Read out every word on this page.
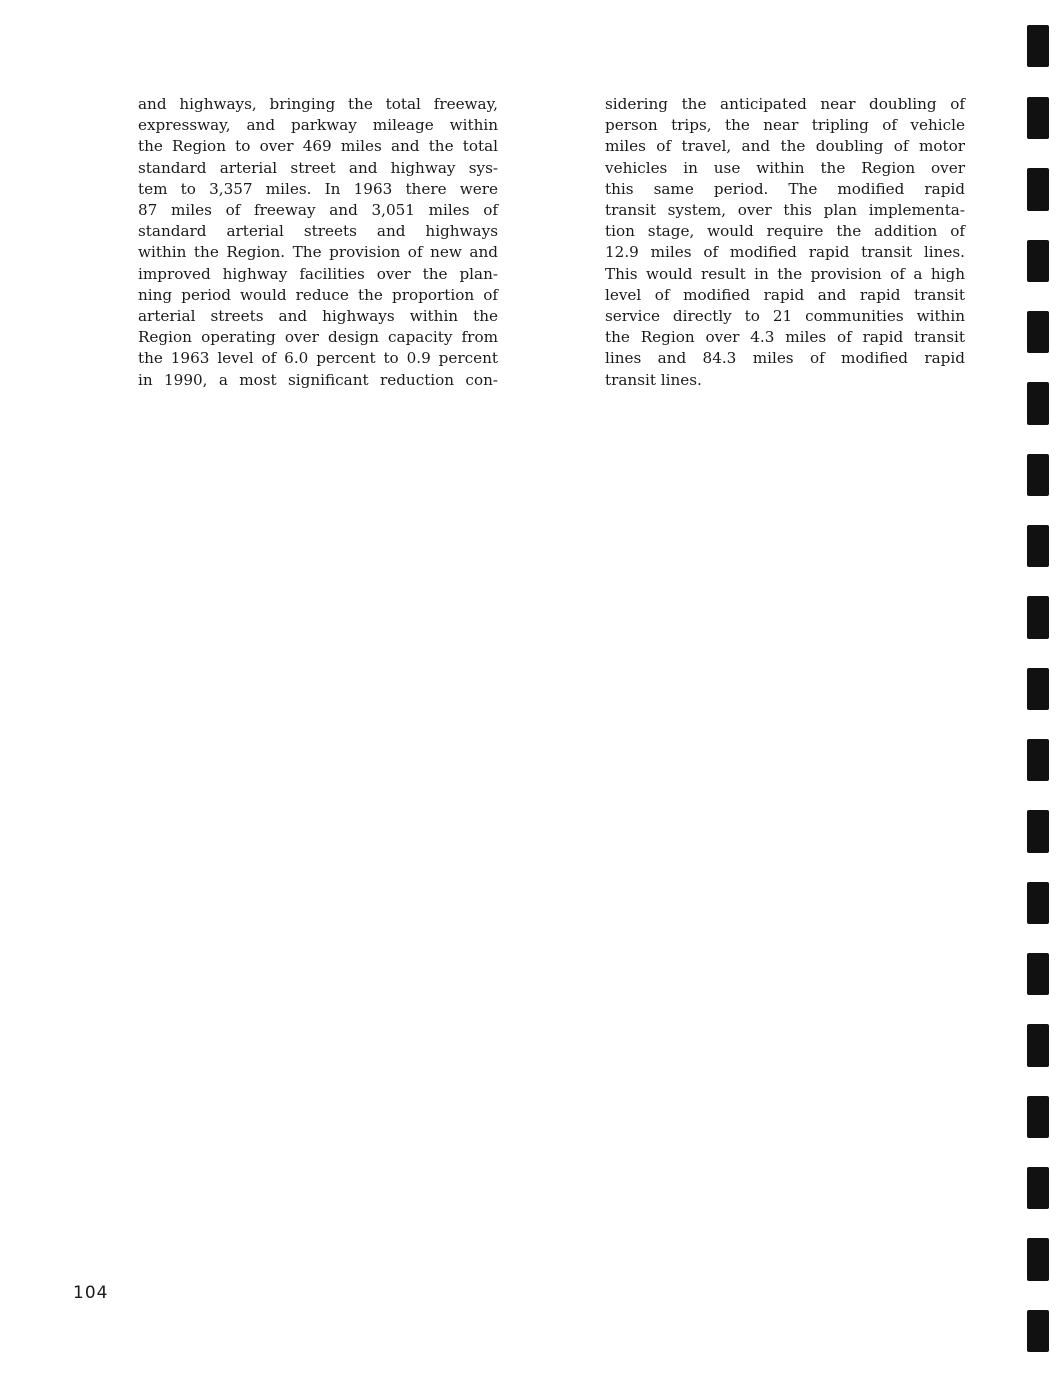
and highways, bringing the total freeway,
expressway, and parkway mileage within
the Region to over 469 miles and the total
standard arterial street and highway sys-
tem to 3,357 miles. In 1963 there were
87 miles of freeway and 3,051 miles of
standard arterial streets and highways
within the Region. The provision of new and
improved highway facilities over the plan-
ning period would reduce the proportion of
arterial streets and highways within the
Region operating over design capacity from
the 1963 level of 6.0 percent to 0.9 percent
in 1990, a most significant reduction con-
sidering the anticipated near doubling of
person trips, the near tripling of vehicle
miles of travel, and the doubling of motor
vehicles in use within the Region over
this same period. The modified rapid
transit system, over this plan implementa-
tion stage, would require the addition of
12.9 miles of modified rapid transit lines.
This would result in the provision of a high
level of modified rapid and rapid transit
service directly to 21 communities within
the Region over 4.3 miles of rapid transit
lines and 84.3 miles of modified rapid
transit lines.
104
